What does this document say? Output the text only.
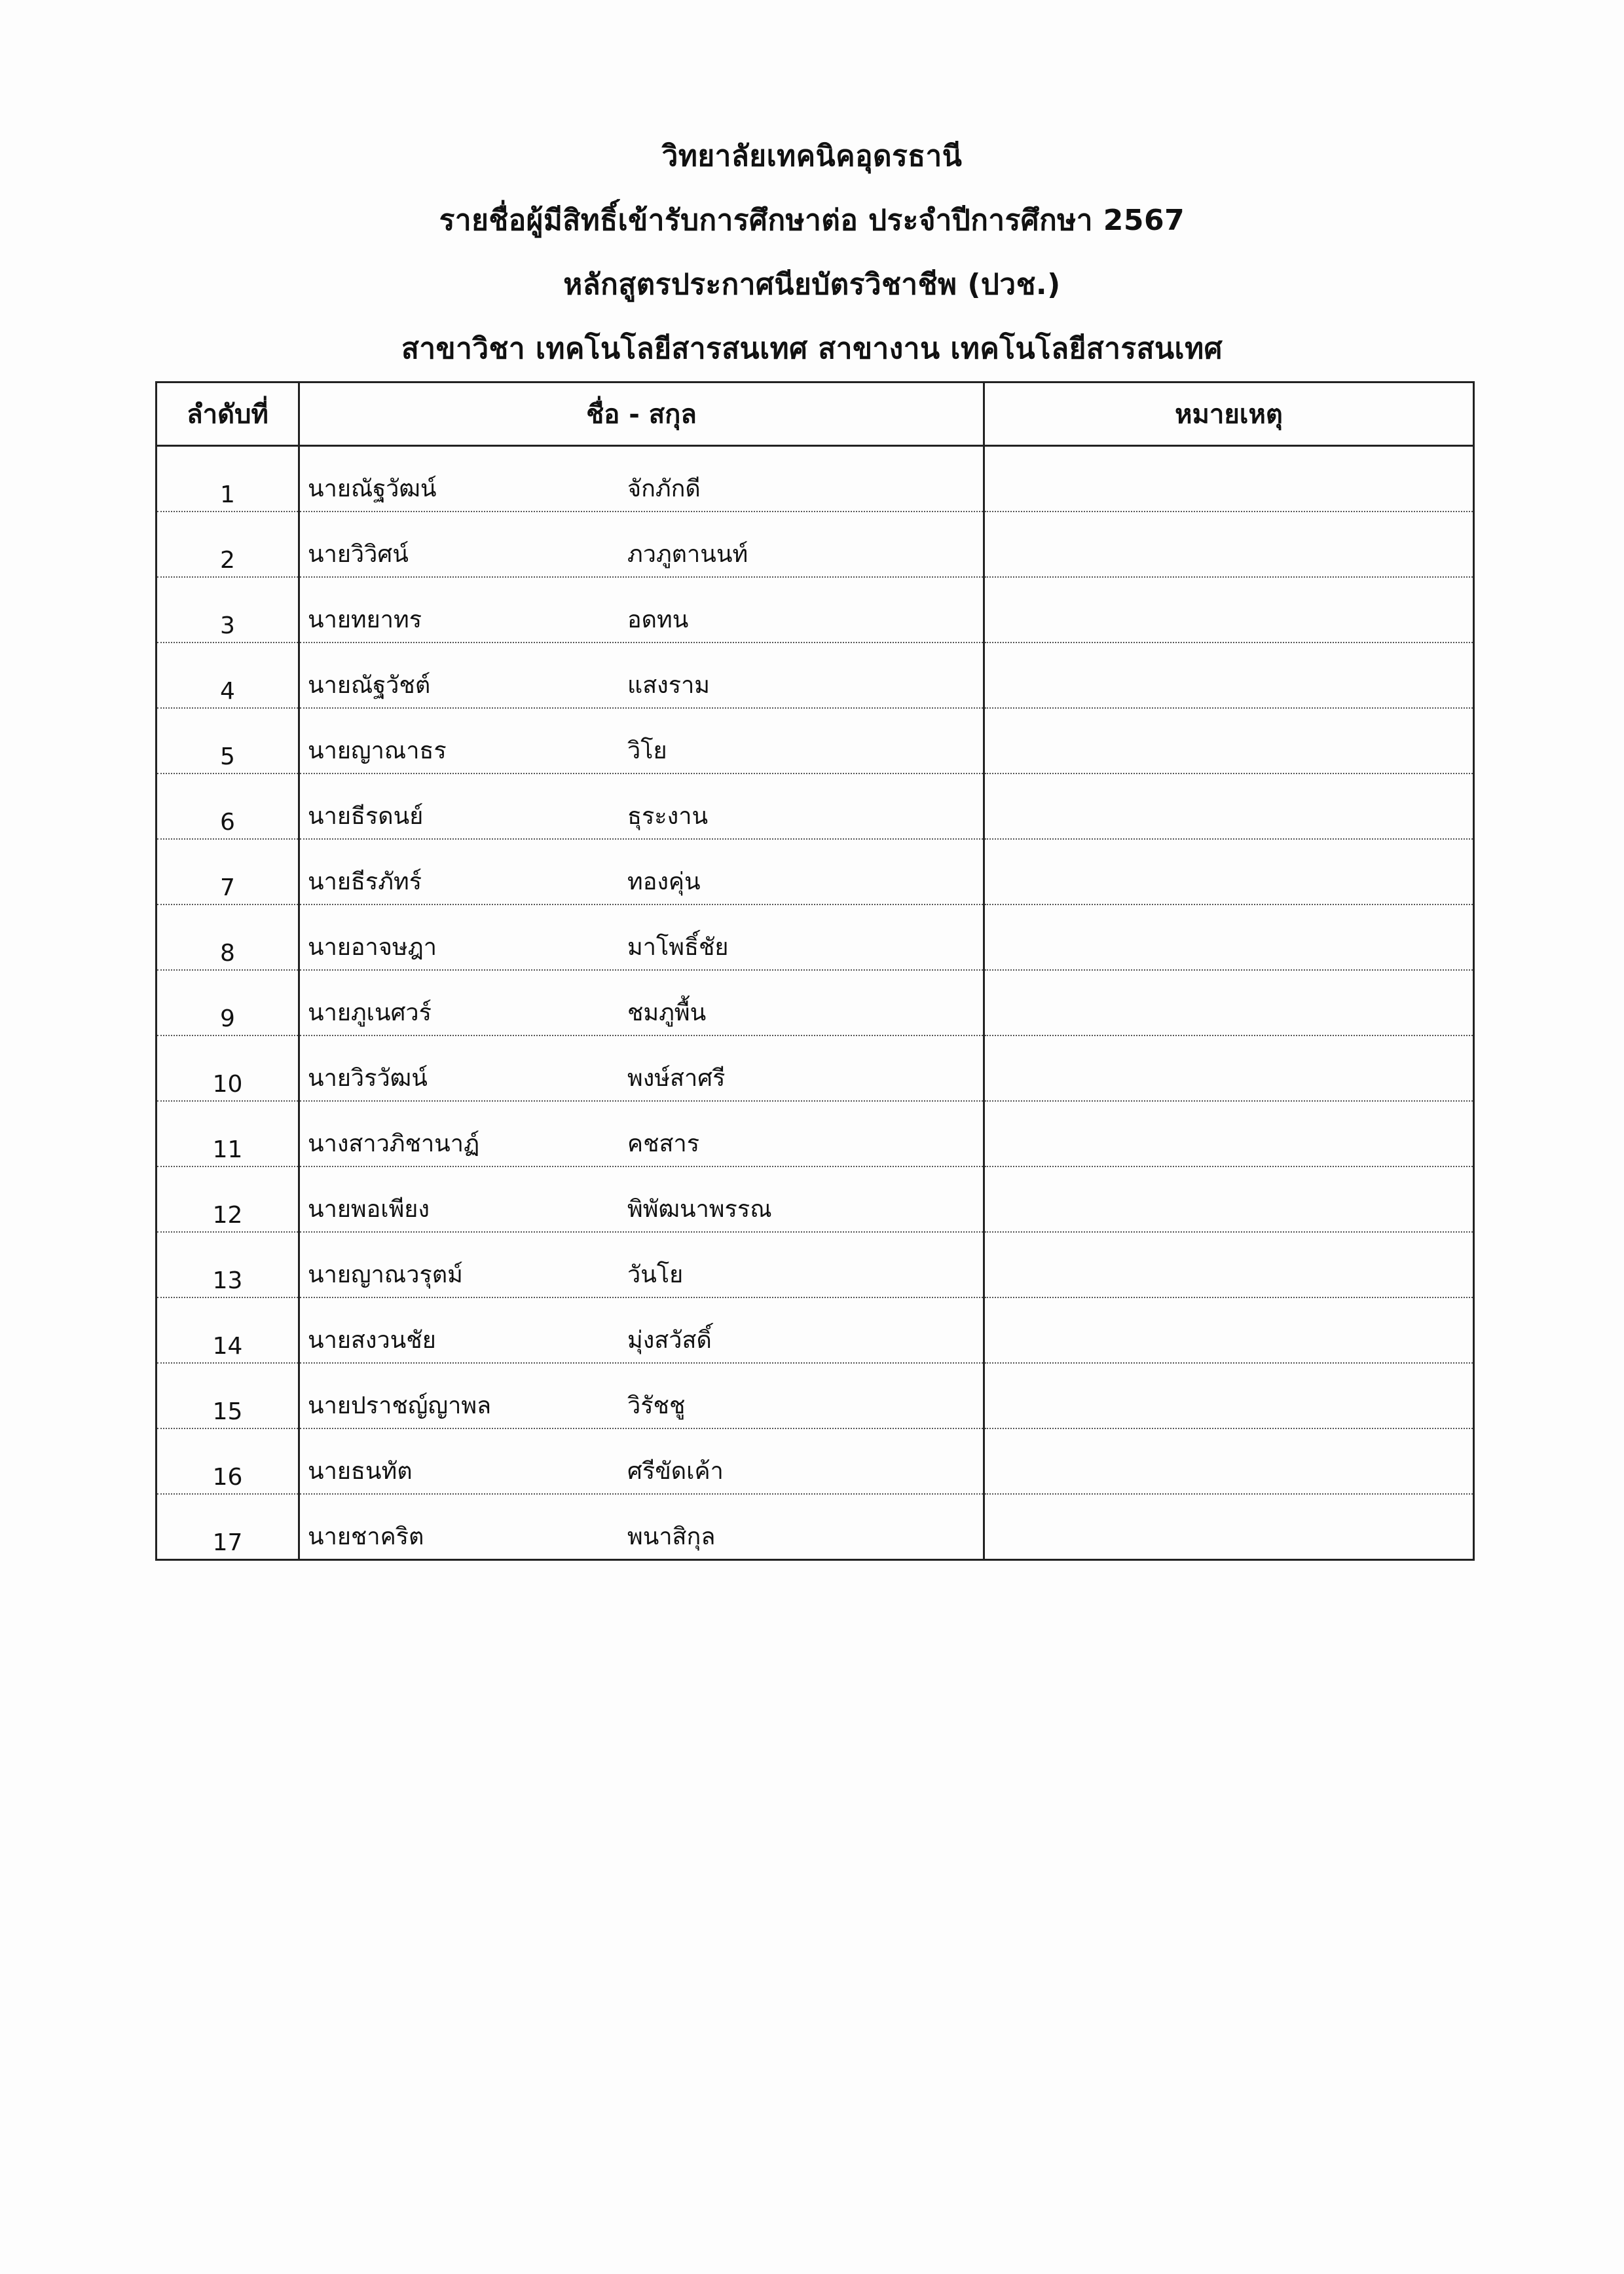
วิทยาลัยเทคนิคอุดรธานี
รายชื่อผู้มีสิทธิ์เข้ารับการศึกษาต่อ ประจำปีการศึกษา 2567
หลักสูตรประกาศนียบัตรวิชาชีพ (ปวช.)
สาขาวิชา เทคโนโลยีสารสนเทศ สาขางาน เทคโนโลยีสารสนเทศ
ลำดับที่	ชื่อ - สกุล	หมายเหตุ
1	นายณัฐวัฒน์ จักภักดี	

2	นายวิวิศน์ ภวภูตานนท์	

3	นายทยาทร อดทน	

4	นายณัฐวัชต์ แสงราม	

5	นายญาณาธร วิโย	

6	นายธีรดนย์ ธุระงาน	

7	นายธีรภัทร์ ทองคุ่น	

8	นายอาจษฎา มาโพธิ์ชัย	

9	นายภูเนศวร์ ชมภูพื้น	

10	นายวิรวัฒน์ พงษ์สาศรี	

11	นางสาวภิชานาฏ์ คชสาร	

12	นายพอเพียง พิพัฒนาพรรณ	

13	นายญาณวรุตม์ วันโย	

14	นายสงวนชัย มุ่งสวัสดิ์	

15	นายปราชญ์ญาพล วิรัชชู	

16	นายธนทัต ศรีขัดเค้า	

17	นายชาคริต พนาสิกุล	
